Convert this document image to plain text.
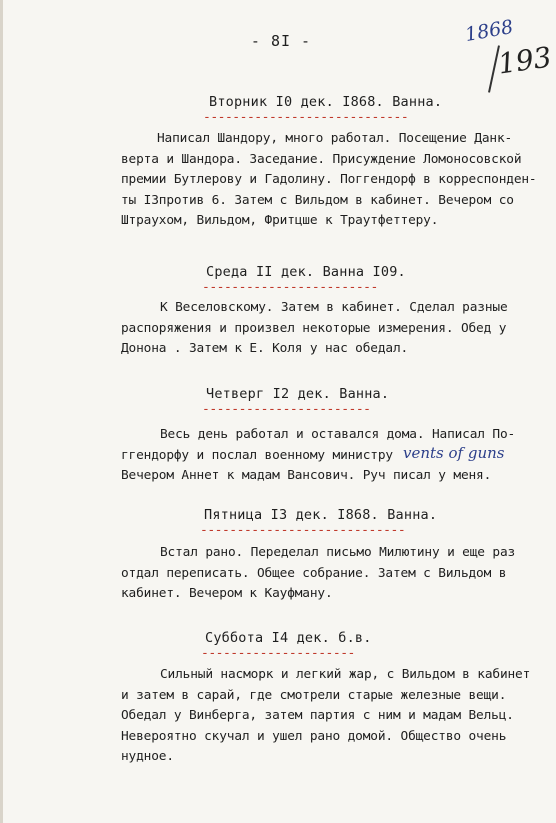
- 8I -	1868
193
Вторник I0 дек. I868. Ванна.
----------------------------
Написал Шандору, много работал. Посещение Данк-
верта и Шандора. Заседание. Присуждение Ломоносовской
премии Бутлерову и Гадолину. Поггендорф в корреспонден-
ты I3против 6. Затем с Вильдом в кабинет. Вечером со
Штраухом, Вильдом, Фритцше к Траутфеттеру.
Среда II дек. Ванна I09.
------------------------
К Веселовскому. Затем в кабинет. Сделал разные
распоряжения и произвел некоторые измерения. Обед у
Донона . Затем к Е. Коля у нас обедал.
Четверг I2 дек. Ванна.
-----------------------
Весь день работал и оставался дома. Написал По-
ггендорфу и послал военному министру
Вечером Аннет к мадам Вансович. Руч писал у меня.
vents of guns
Пятница I3 дек. I868. Ванна.
----------------------------
Встал рано. Переделал письмо Милютину и еще раз
отдал переписать. Общее собрание. Затем с Вильдом в
кабинет. Вечером к Кауфману.
Суббота I4 дек. б.в.
---------------------
Сильный насморк и легкий жар, с Вильдом в кабинет
и затем в сарай, где смотрели старые железные вещи.
Обедал у Винберга, затем партия с ним и мадам Вельц.
Невероятно скучал и ушел рано домой. Общество очень
нудное.
